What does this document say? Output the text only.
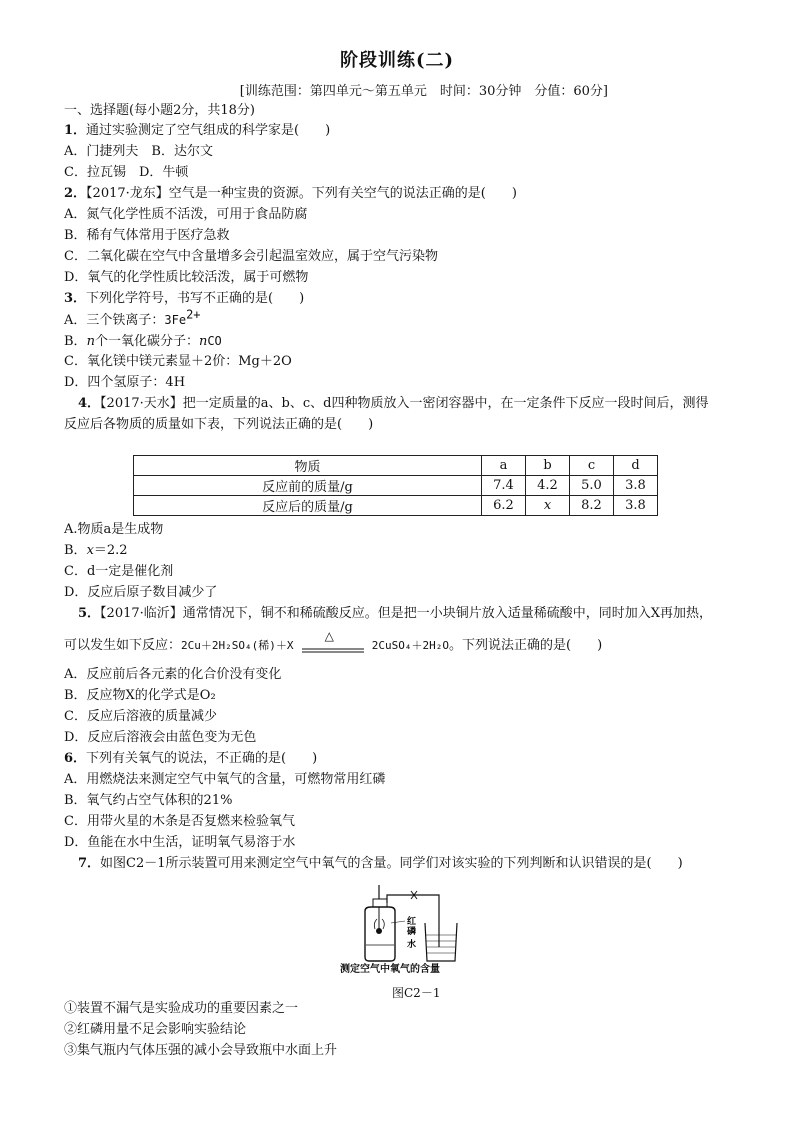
阶段训练(二)
[训练范围：第四单元～第五单元　时间：30分钟　分值：60分]
一、选择题(每小题2分，共18分)
1．通过实验测定了空气组成的科学家是(　　)
A．门捷列夫　B．达尔文
C．拉瓦锡　D．牛顿
2．【2017·龙东】空气是一种宝贵的资源。下列有关空气的说法正确的是(　　)
A．氮气化学性质不活泼，可用于食品防腐
B．稀有气体常用于医疗急救
C．二氧化碳在空气中含量增多会引起温室效应，属于空气污染物
D．氧气的化学性质比较活泼，属于可燃物
3．下列化学符号，书写不正确的是(　　)
A．三个铁离子：$3Fe^{2+}$
B．n个一氧化碳分子：nCO
C．氧化镁中镁元素显＋2价：Mg＋2O
D．四个氢原子：4H
4．【2017·天水】把一定质量的a、b、c、d四种物质放入一密闭容器中，在一定条件下反应一段时间后，测得
反应后各物质的质量如下表，下列说法正确的是(　　)
物质	a	b	c	d
反应前的质量/g	7.4	4.2	5.0	3.8
反应后的质量/g	6.2	x	8.2	3.8
A.物质a是生成物
B．x＝2.2
C．d一定是催化剂
D．反应后原子数目减少了
5．【2017·临沂】通常情况下，铜不和稀硫酸反应。但是把一小块铜片放入适量稀硫酸中，同时加入X再加热，
可以发生如下反应：2Cu＋2H₂SO₄(稀)＋X
△
2CuSO₄＋2H₂O。下列说法正确的是(　　)
A．反应前后各元素的化合价没有变化
B．反应物X的化学式是O₂
C．反应后溶液的质量减少
D．反应后溶液会由蓝色变为无色
6．下列有关氧气的说法，不正确的是(　　)
A．用燃烧法来测定空气中氧气的含量，可燃物常用红磷
B．氧气约占空气体积的21%
C．用带火星的木条是否复燃来检验氧气
D．鱼能在水中生活，证明氧气易溶于水
7．如图C2－1所示装置可用来测定空气中氧气的含量。同学们对该实验的下列判断和认识错误的是(　　)
红
磷
水
测定空气中氧气的含量
图C2－1
①装置不漏气是实验成功的重要因素之一
②红磷用量不足会影响实验结论
③集气瓶内气体压强的减小会导致瓶中水面上升
